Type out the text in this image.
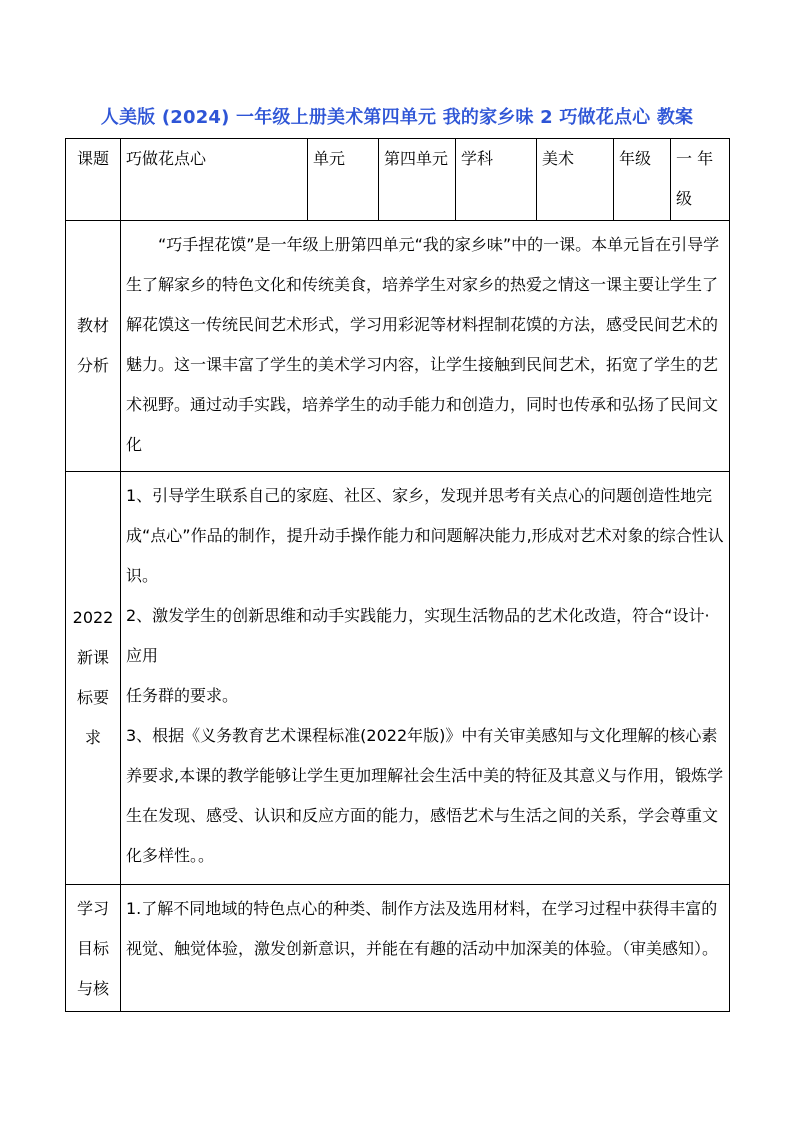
人美版 (2024) 一年级上册美术第四单元 我的家乡味 2 巧做花点心 教案
课题	巧做花点心	单元	第四单元	学科	美术	年级	一 年级
教材分析	“巧手捏花馍”是一年级上册第四单元“我的家乡味”中的一课。本单元旨在引导学生了解家乡的特色文化和传统美食，培养学生对家乡的热爱之情这一课主要让学生了解花馍这一传统民间艺术形式，学习用彩泥等材料捏制花馍的方法，感受民间艺术的魅力。这一课丰富了学生的美术学习内容，让学生接触到民间艺术，拓宽了学生的艺术视野。通过动手实践，培养学生的动手能力和创造力，同时也传承和弘扬了民间文化						

2022新课标要求	1、引导学生联系自己的家庭、社区、家乡，发现并思考有关点心的问题创造性地完成“点心”作品的制作，提升动手操作能力和问题解决能力,形成对艺术对象的综合性认识。

2、激发学生的创新思维和动手实践能力，实现生活物品的艺术化改造，符合“设计·应用

任务群的要求。

3、根据《义务教育艺术课程标准(2022年版)》中有关审美感知与文化理解的核心素养要求,本课的教学能够让学生更加理解社会生活中美的特征及其意义与作用，锻炼学生在发现、感受、认识和反应方面的能力，感悟艺术与生活之间的关系，学会尊重文化多样性。。						

学习目标与核	1.了解不同地域的特色点心的种类、制作方法及选用材料，在学习过程中获得丰富的视觉、触觉体验，激发创新意识，并能在有趣的活动中加深美的体验。（审美感知）。						
